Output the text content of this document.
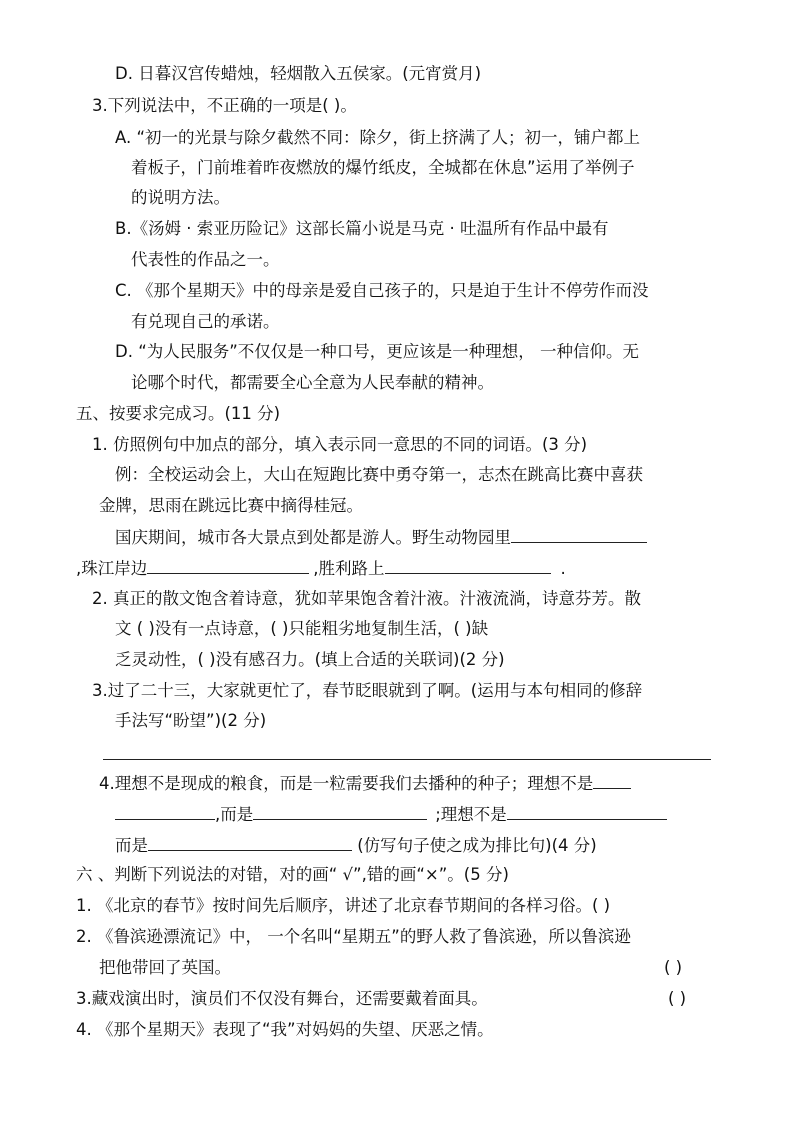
D. 日暮汉宫传蜡烛，轻烟散入五侯家。(元宵赏月)
3.下列说法中，不正确的一项是( )。
A. “初一的光景与除夕截然不同：除夕，街上挤满了人；初一，铺户都上
着板子，门前堆着昨夜燃放的爆竹纸皮，全城都在休息”运用了举例子
的说明方法。
B.《汤姆 · 索亚历险记》这部长篇小说是马克 · 吐温所有作品中最有
代表性的作品之一。
C. 《那个星期天》中的母亲是爱自己孩子的，只是迫于生计不停劳作而没
有兑现自己的承诺。
D. “为人民服务”不仅仅是一种口号，更应该是一种理想， 一种信仰。无
论哪个时代，都需要全心全意为人民奉献的精神。
五、按要求完成习。(11 分)
1. 仿照例句中加点的部分，填入表示同一意思的不同的词语。(3 分)
例：全校运动会上，大山在短跑比赛中勇夺第一，志杰在跳高比赛中喜获
金牌，思雨在跳远比赛中摘得桂冠。
国庆期间，城市各大景点到处都是游人。野生动物园里
,珠江岸边	,胜利路上	.
2. 真正的散文饱含着诗意，犹如苹果饱含着汁液。汁液流淌，诗意芬芳。散
文 ( )没有一点诗意，( )只能粗劣地复制生活，( )缺
乏灵动性，( )没有感召力。(填上合适的关联词)(2 分)
3.过了二十三，大家就更忙了，春节眨眼就到了啊。(运用与本句相同的修辞
手法写“盼望”)(2 分)
4.理想不是现成的粮食，而是一粒需要我们去播种的种子；理想不是
,而是	;理想不是
而是	(仿写句子使之成为排比句)(4 分)
六 、判断下列说法的对错，对的画“ √”,错的画“×”。(5 分)
1. 《北京的春节》按时间先后顺序，讲述了北京春节期间的各样习俗。( )
2. 《鲁滨逊漂流记》中， 一个名叫“星期五”的野人救了鲁滨逊，所以鲁滨逊
把他带回了英国。	( )
3.藏戏演出时，演员们不仅没有舞台，还需要戴着面具。	( )
4. 《那个星期天》表现了“我”对妈妈的失望、厌恶之情。
